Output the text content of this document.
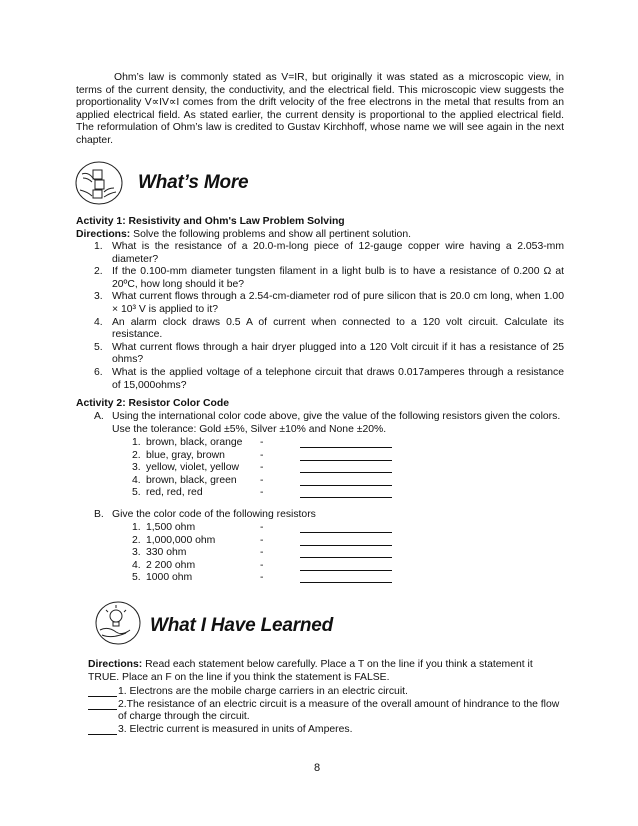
Ohm’s law is commonly stated as V=IR, but originally it was stated as a microscopic view, in terms of the current density, the conductivity, and the electrical field. This microscopic view suggests the proportionality V∝IV∝I comes from the drift velocity of the free electrons in the metal that results from an applied electrical field. As stated earlier, the current density is proportional to the applied electrical field. The reformulation of Ohm’s law is credited to Gustav Kirchhoff, whose name we will see again in the next chapter.
What’s More
Activity 1: Resistivity and Ohm's Law Problem Solving
Directions: Solve the following problems and show all pertinent solution.
1. What is the resistance of a 20.0-m-long piece of 12-gauge copper wire having a 2.053-mm diameter?
2. If the 0.100-mm diameter tungsten filament in a light bulb is to have a resistance of 0.200 Ω at 20ºC, how long should it be?
3. What current flows through a 2.54-cm-diameter rod of pure silicon that is 20.0 cm long, when 1.00 × 10³ V is applied to it?
4. An alarm clock draws 0.5 A of current when connected to a 120 volt circuit. Calculate its resistance.
5. What current flows through a hair dryer plugged into a 120 Volt circuit if it has a resistance of 25 ohms?
6. What is the applied voltage of a telephone circuit that draws 0.017amperes through a resistance of 15,000ohms?
Activity 2: Resistor Color Code
A. Using the international color code above, give the value of the following resistors given the colors.
Use the tolerance: Gold ±5%, Silver ±10% and None ±20%.
1. brown, black, orange -
2. blue, gray, brown	-
3. yellow, violet, yellow -
4. brown, black, green -
5. red, red, red	-
B. Give the color code of the following resistors
1. 1,500 ohm	-
2. 1,000,000 ohm	-
3. 330 ohm	-
4. 2 200 ohm	-
5. 1000 ohm	-
What I Have Learned
Directions: Read each statement below carefully. Place a T on the line if you think a statement it TRUE. Place an F on the line if you think the statement is FALSE.
1. Electrons are the mobile charge carriers in an electric circuit.
2.The resistance of an electric circuit is a measure of the overall amount of hindrance to the flow of charge through the circuit.
3. Electric current is measured in units of Amperes.
8
